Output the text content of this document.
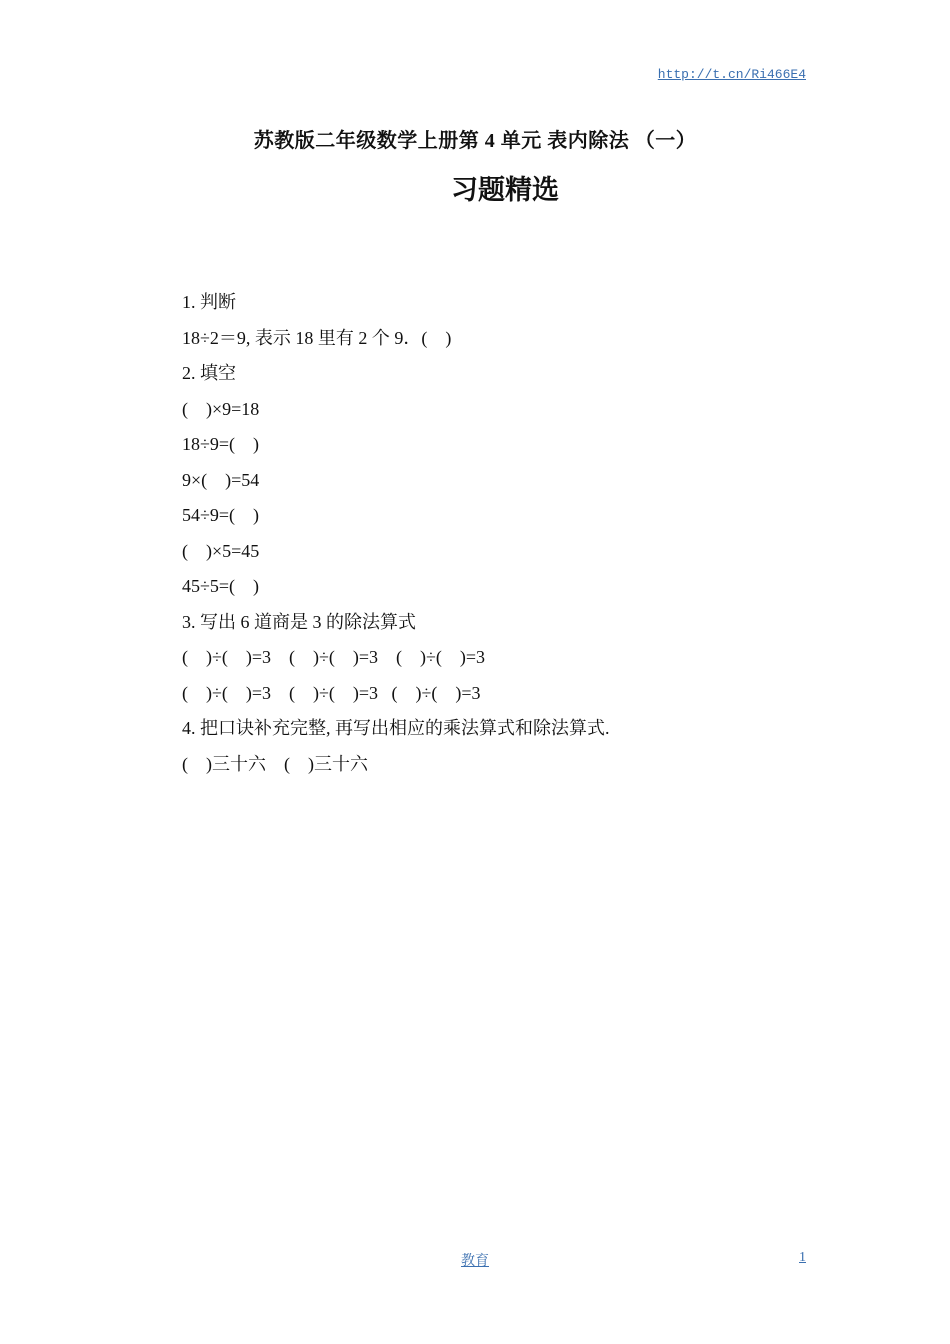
http://t.cn/Ri466E4
苏教版二年级数学上册第 4 单元 表内除法 （一）
习题精选
1. 判断
18÷2＝9, 表示 18 里有 2 个 9．(    )
2. 填空
(    )×9=18
18÷9=(    )
9×(    )=54
54÷9=(    )
(    )×5=45
45÷5=(    )
3. 写出 6 道商是 3 的除法算式
(    )÷(    )=3    (    )÷(    )=3    (    )÷(    )=3
(    )÷(    )=3    (    )÷(    )=3   (    )÷(    )=3
4. 把口诀补充完整, 再写出相应的乘法算式和除法算式.
(    )三十六    (    )三十六
教育	1
